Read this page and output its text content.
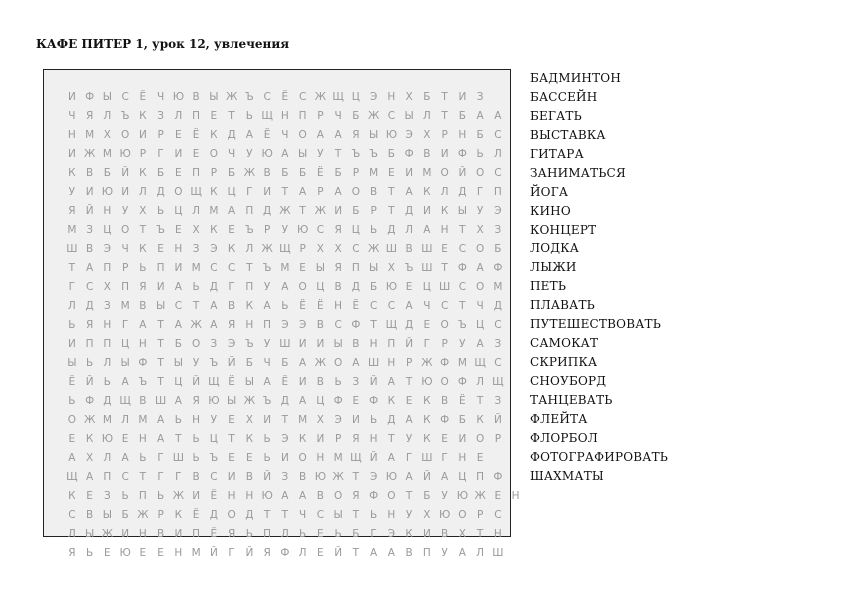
КАФЕ ПИТЕР 1, урок 12, увлечения
И Ф Ы С	Ё	Ч Ю В Ы Ж Ъ С	Ё	С Ж Щ Ц Э Н Х	Б	Т	И З
Ч	Я Л Ъ К	З Л П Е	Т	Ь Щ Н П	Р	Ч	Б Ж С Ы Л	Т	Б	А	А
Н М Х О И	Р	Е	Ё	К Д А	Ё	Ч О А	А	Я Ы Ю Э Х	Р	Н Б С
И Ж М Ю Р	Г	И	Е О Ч	У Ю А Ы У	Т Ъ Ъ Б Ф В И Ф Ь Л
К В	Б Й К Б	Е П	Р	Б Ж В	Б	Б	Ё	Б	Р М Е	И М О Й О С
У	И Ю И Л Д О Щ К Ц Г	И	Т	А	Р	А О В	Т	А К Л Д Г	П
Я Й Н	У	Х	Ь Ц Л М А П Д Ж Т Ж И Б	Р	Т Д И К Ы У	Э
М З Ц О Т Ъ Е	Х К	Е Ъ Р	У Ю С Я Ц Ь Д Л А Н	Т	Х	З
Ш В Э Ч К	Е Н З	Э К Л Ж Щ Р	Х	Х С Ж Ш В Ш Е	С О Б
Т	А П	Р	Ь П И М С С	Т Ъ М Е Ы Я П Ы Х Ъ Ш Т Ф А Ф
Г	С Х П Я И А	Ь Д Г	П	У	А О Ц В Д Б Ю Е Ц Ш С О М
Л Д З М В Ы С	Т	А	В К А	Ь	Ё	Ё Н Ё	С С А	Ч С	Т	Ч Д
Ь Я Н	Г	А	Т	А Ж А	Я Н П Э Э В С Ф Т Щ Д Е О Ъ Ц С
И П П Ц Н	Т	Б О З	Э Ъ У Ш И И Ы В Н П Й	Г	Р	У	А	З
Ы Ь Л Ы Ф Т Ы У Ъ Й Б	Ч	Б	А Ж О А Ш Н	Р Ж Ф М Щ С
Ё	Й Ь	А Ъ Т Ц Й Щ Ё Ы А	Ё	И В	Ь	З Й А	Т Ю О Ф Л Щ
Ь Ф Д Щ В Ш А	Я Ю Ы Ж Ъ Д А Ц Ф Е Ф К	Е	К В	Ё	Т	З
О Ж М Л М А	Ь Н	У	Е	Х И	Т М Х Э И Ь Д А К Ф Б К Й
Е	К Ю Е Н А	Т	Ь Ц Т	К Ь Э К И	Р	Я Н	Т	У	К	Е	И О Р
А	Х Л А	Ь	Г Ш Ь Ъ Е	Е	Ь И О Н М Щ Й А	Г Ш Г	Н Е
Щ А П С	Т	Г	Г	В С И В Й З	В Ю Ж Т	Э Ю А Й А Ц П Ф
К	Е	З	Ь П Ь Ж И	Ё Н Н Ю А	А	В О Я Ф О Т	Б	У Ю Ж Е Н
С В Ы Б Ж Р	К	Ё Д О Д Т	Т	Ч С Ы Т	Ь Н	У	Х Ю О Р	С
Л Ы Ж И Н В И П Ё	Я	Ь П Л Ь	Е	Ь	Б	Г	Э К И В	Х	Т	Н
Я	Ь	Е Ю Е	Е Н М Й	Г	Й Я Ф Л Е	Й	Т	А	А	В П	У	А Л Ш
БАДМИНТОН
БАССЕЙН
БЕГАТЬ
ВЫСТАВКА
ГИТАРА
ЗАНИМАТЬСЯ
ЙОГА
КИНО
КОНЦЕРТ
ЛОДКА
ЛЫЖИ
ПЕТЬ
ПЛАВАТЬ
ПУТЕШЕСТВОВАТЬ
САМОКАТ
СКРИПКА
СНОУБОРД
ТАНЦЕВАТЬ
ФЛЕЙТА
ФЛОРБОЛ
ФОТОГРАФИРОВАТЬ
ШАХМАТЫ
